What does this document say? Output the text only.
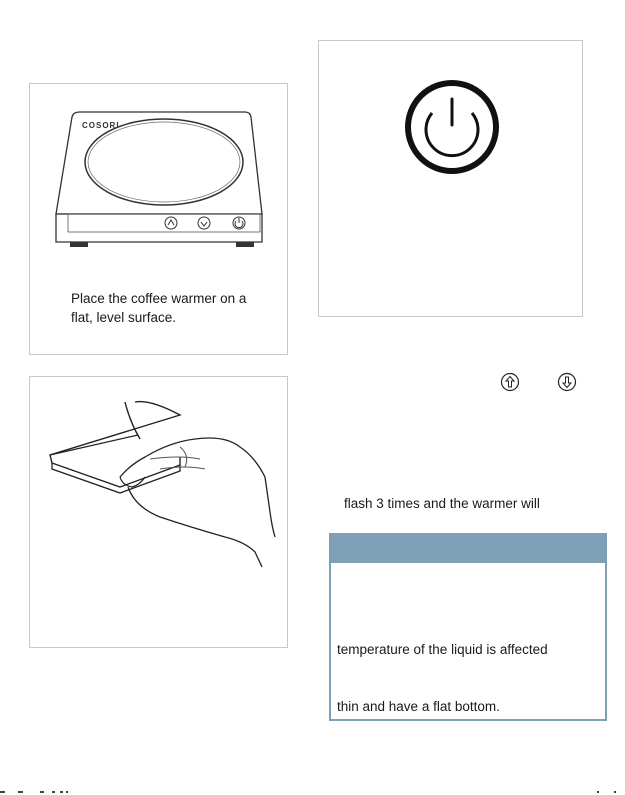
COSORI
Place the coffee warmer on a
flat, level surface.
flash 3 times and the warmer will
temperature of the liquid is affected
thin and have a flat bottom.
